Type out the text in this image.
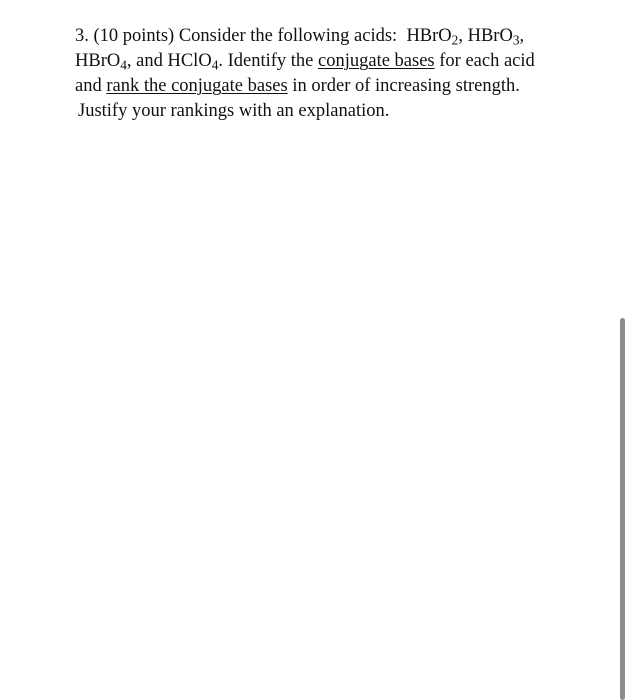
3. (10 points) Consider the following acids: HBrO$_2$, HBrO$_3$,
HBrO$_4$, and HClO$_4$. Identify the conjugate bases for each acid
and rank the conjugate bases in order of increasing strength.
Justify your rankings with an explanation.
